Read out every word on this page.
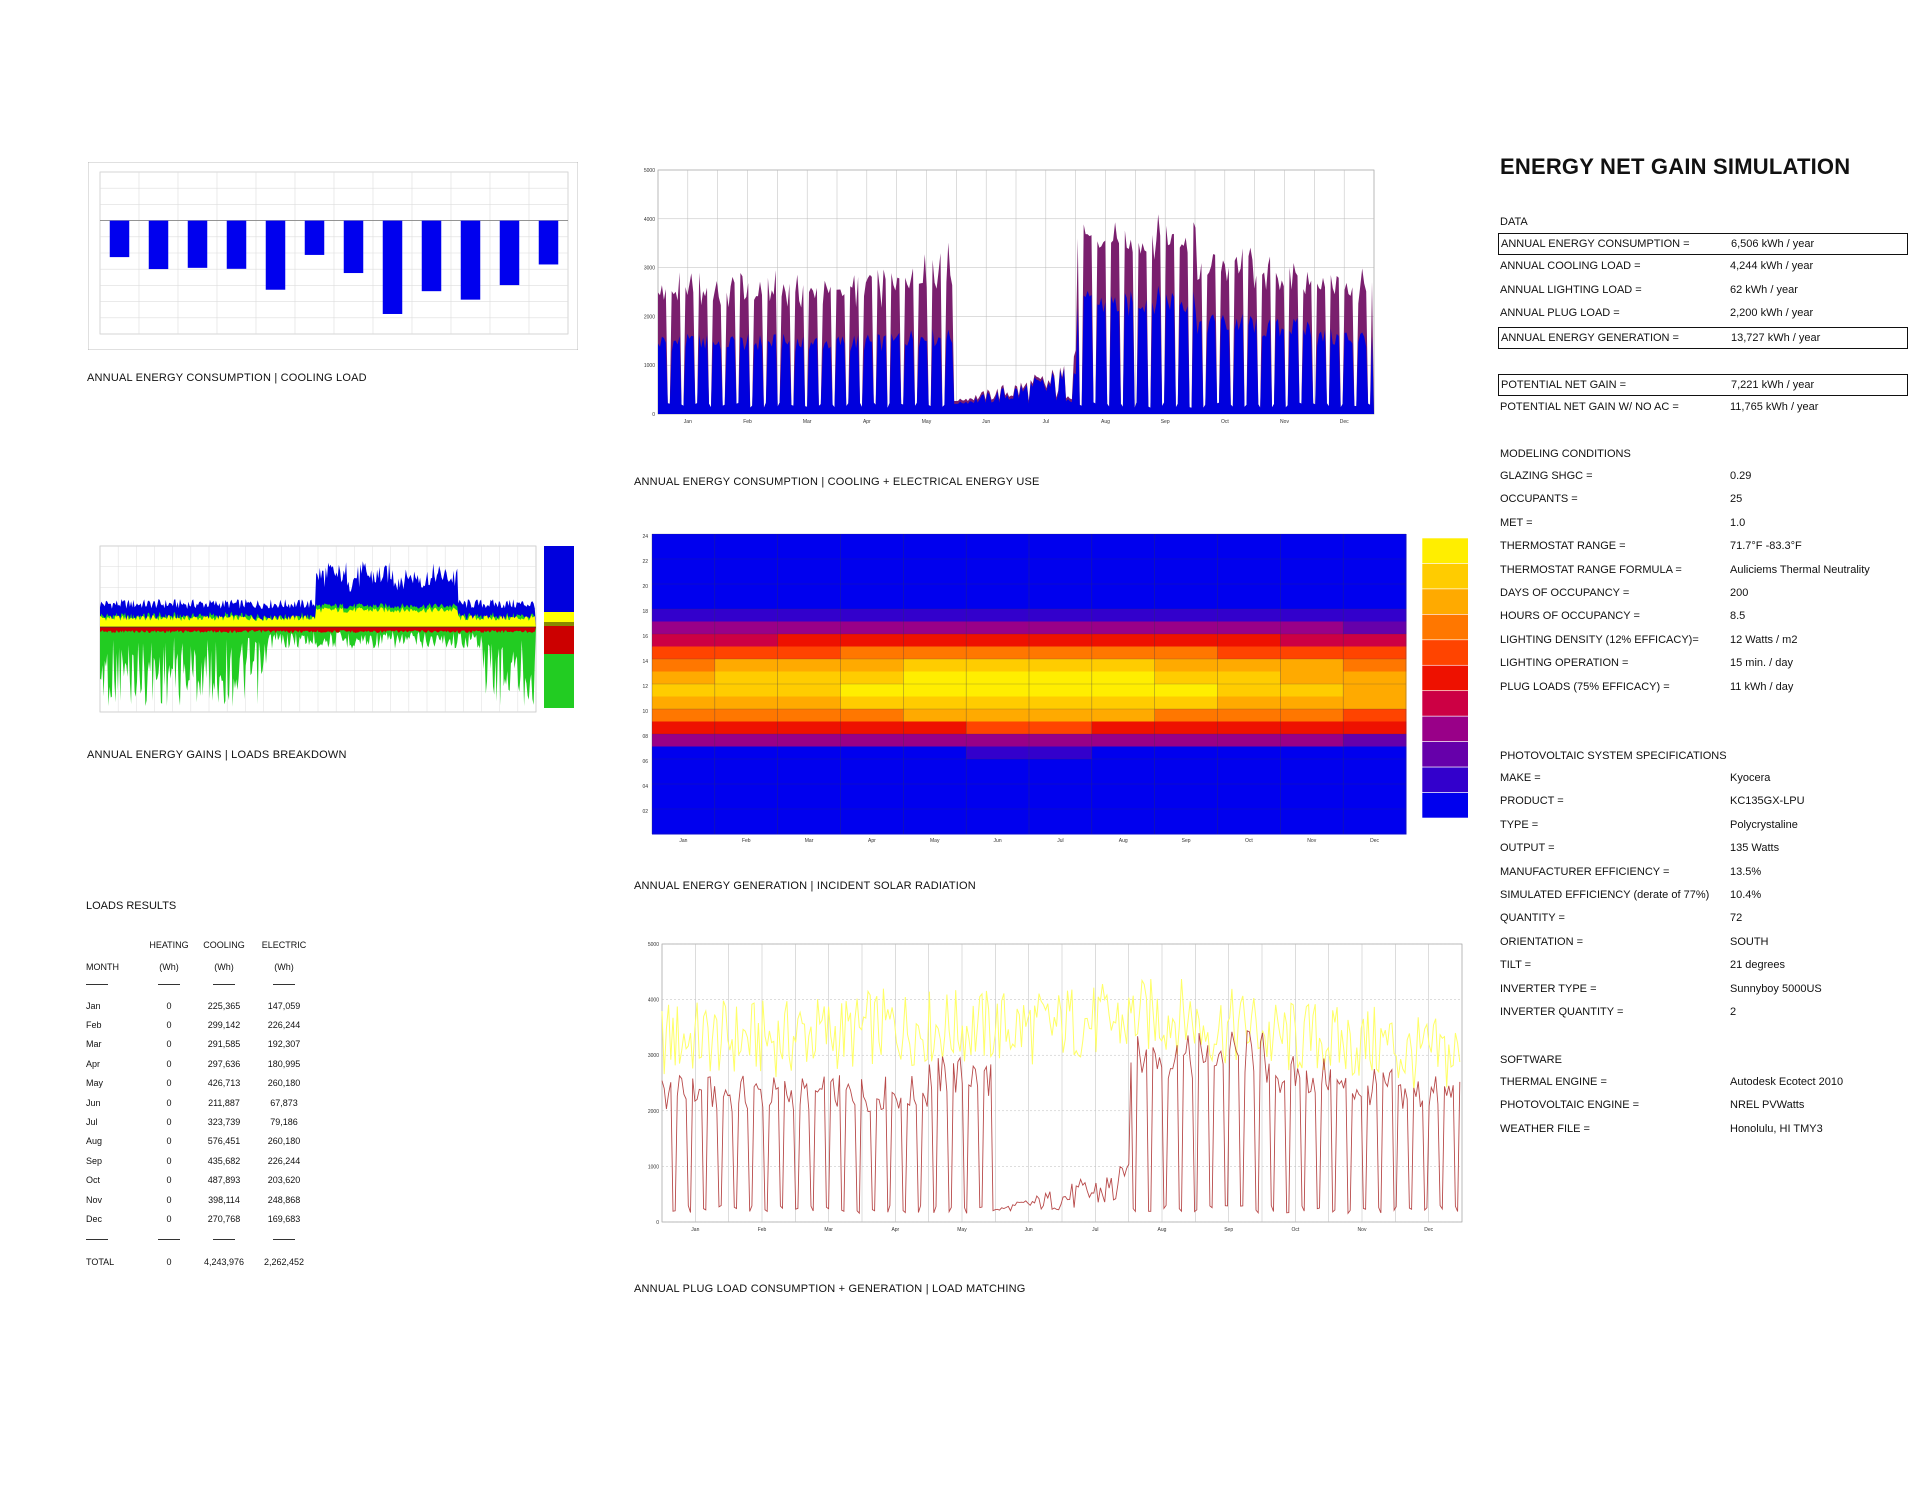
ANNUAL ENERGY CONSUMPTION | COOLING LOAD
Jan	Feb	Mar	Apr	May	Jun	Jul	Aug	Sep	Oct	Nov	Dec
0
1000
2000
3000
4000
5000
ANNUAL ENERGY CONSUMPTION | COOLING + ELECTRICAL ENERGY USE
ANNUAL ENERGY GAINS | LOADS BREAKDOWN
Jan	Feb	Mar	Apr	May	Jun	Jul	Aug	Sep	Oct	Nov	Dec
24
22
20
18
16
14
12
10
08
06
04
02
ANNUAL ENERGY GENERATION | INCIDENT SOLAR RADIATION
Jan	Feb	Mar	Apr	May	Jun	Jul	Aug	Sep	Oct	Nov	Dec
0
1000
2000
3000
4000
5000
ANNUAL PLUG LOAD CONSUMPTION + GENERATION | LOAD MATCHING
LOADS RESULTS
	HEATING	COOLING	ELECTRIC
MONTH	(Wh)	(Wh)	(Wh)

Jan	0	225,365	147,059
Feb	0	299,142	226,244
Mar	0	291,585	192,307
Apr	0	297,636	180,995
May	0	426,713	260,180
Jun	0	211,887	67,873
Jul	0	323,739	79,186
Aug	0	576,451	260,180
Sep	0	435,682	226,244
Oct	0	487,893	203,620
Nov	0	398,114	248,868
Dec	0	270,768	169,683

TOTAL	0	4,243,976	2,262,452
ENERGY NET GAIN SIMULATION
DATA
ANNUAL ENERGY CONSUMPTION =	6,506 kWh / year
ANNUAL COOLING LOAD =	4,244 kWh / year
ANNUAL LIGHTING LOAD =	62 kWh / year
ANNUAL PLUG LOAD =	2,200 kWh / year
ANNUAL ENERGY GENERATION =	13,727 kWh / year
POTENTIAL NET GAIN =	7,221 kWh / year
POTENTIAL NET GAIN W/ NO AC =	11,765 kWh / year
MODELING CONDITIONS
GLAZING SHGC =	0.29
OCCUPANTS =	25
MET =	1.0
THERMOSTAT RANGE =	71.7°F -83.3°F
THERMOSTAT RANGE FORMULA =	Auliciems Thermal Neutrality
DAYS OF OCCUPANCY =	200
HOURS OF OCCUPANCY =	8.5
LIGHTING DENSITY (12% EFFICACY)=	12 Watts / m2
LIGHTING OPERATION =	15 min. / day
PLUG LOADS (75% EFFICACY) =	11 kWh / day
PHOTOVOLTAIC SYSTEM SPECIFICATIONS
MAKE =	Kyocera
PRODUCT =	KC135GX-LPU
TYPE =	Polycrystaline
OUTPUT =	135 Watts
MANUFACTURER EFFICIENCY =	13.5%
SIMULATED EFFICIENCY (derate of 77%) 10.4%
QUANTITY =	72
ORIENTATION =	SOUTH
TILT =	21 degrees
INVERTER TYPE =	Sunnyboy 5000US
INVERTER QUANTITY =	2
SOFTWARE
THERMAL ENGINE =	Autodesk Ecotect 2010
PHOTOVOLTAIC ENGINE =	NREL PVWatts
WEATHER FILE =	Honolulu, HI TMY3
